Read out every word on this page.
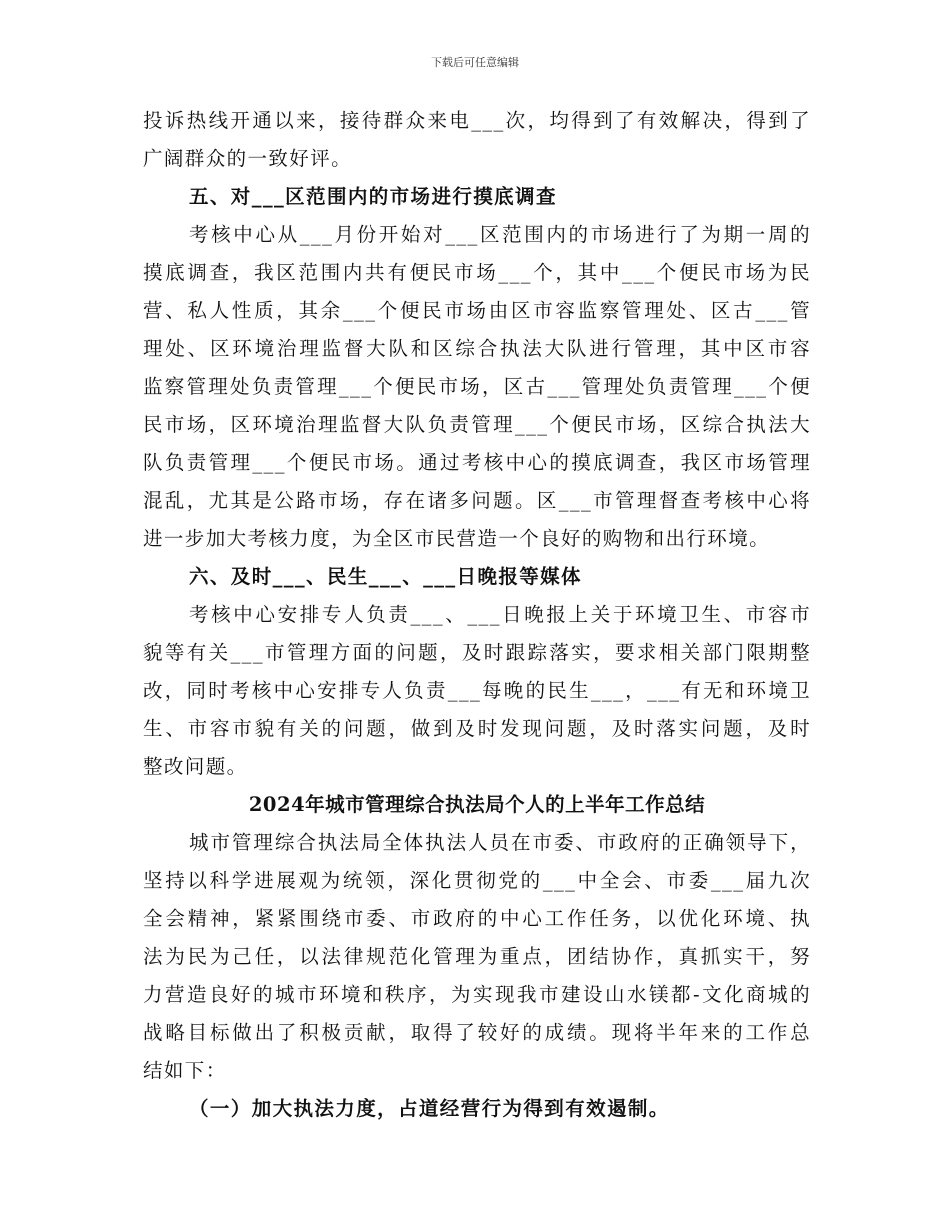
下载后可任意编辑
投诉热线开通以来，接待群众来电___次，均得到了有效解决，得到了
广阔群众的一致好评。
五、对___区范围内的市场进行摸底调查
考核中心从___月份开始对___区范围内的市场进行了为期一周的
摸底调查，我区范围内共有便民市场___个，其中___个便民市场为民
营、私人性质，其余___个便民市场由区市容监察管理处、区古___管
理处、区环境治理监督大队和区综合执法大队进行管理，其中区市容
监察管理处负责管理___个便民市场，区古___管理处负责管理___个便
民市场，区环境治理监督大队负责管理___个便民市场，区综合执法大
队负责管理___个便民市场。通过考核中心的摸底调查，我区市场管理
混乱，尤其是公路市场，存在诸多问题。区___市管理督查考核中心将
进一步加大考核力度，为全区市民营造一个良好的购物和出行环境。
六、及时___、民生___、___日晚报等媒体
考核中心安排专人负责___、___日晚报上关于环境卫生、市容市
貌等有关___市管理方面的问题，及时跟踪落实，要求相关部门限期整
改，同时考核中心安排专人负责___每晚的民生___，___有无和环境卫
生、市容市貌有关的问题，做到及时发现问题，及时落实问题，及时
整改问题。
2024年城市管理综合执法局个人的上半年工作总结
城市管理综合执法局全体执法人员在市委、市政府的正确领导下，
坚持以科学进展观为统领，深化贯彻党的___中全会、市委___届九次
全会精神，紧紧围绕市委、市政府的中心工作任务，以优化环境、执
法为民为己任，以法律规范化管理为重点，团结协作，真抓实干，努
力营造良好的城市环境和秩序，为实现我市建设山水镁都-文化商城的
战略目标做出了积极贡献，取得了较好的成绩。现将半年来的工作总
结如下：
（一）加大执法力度，占道经营行为得到有效遏制。
